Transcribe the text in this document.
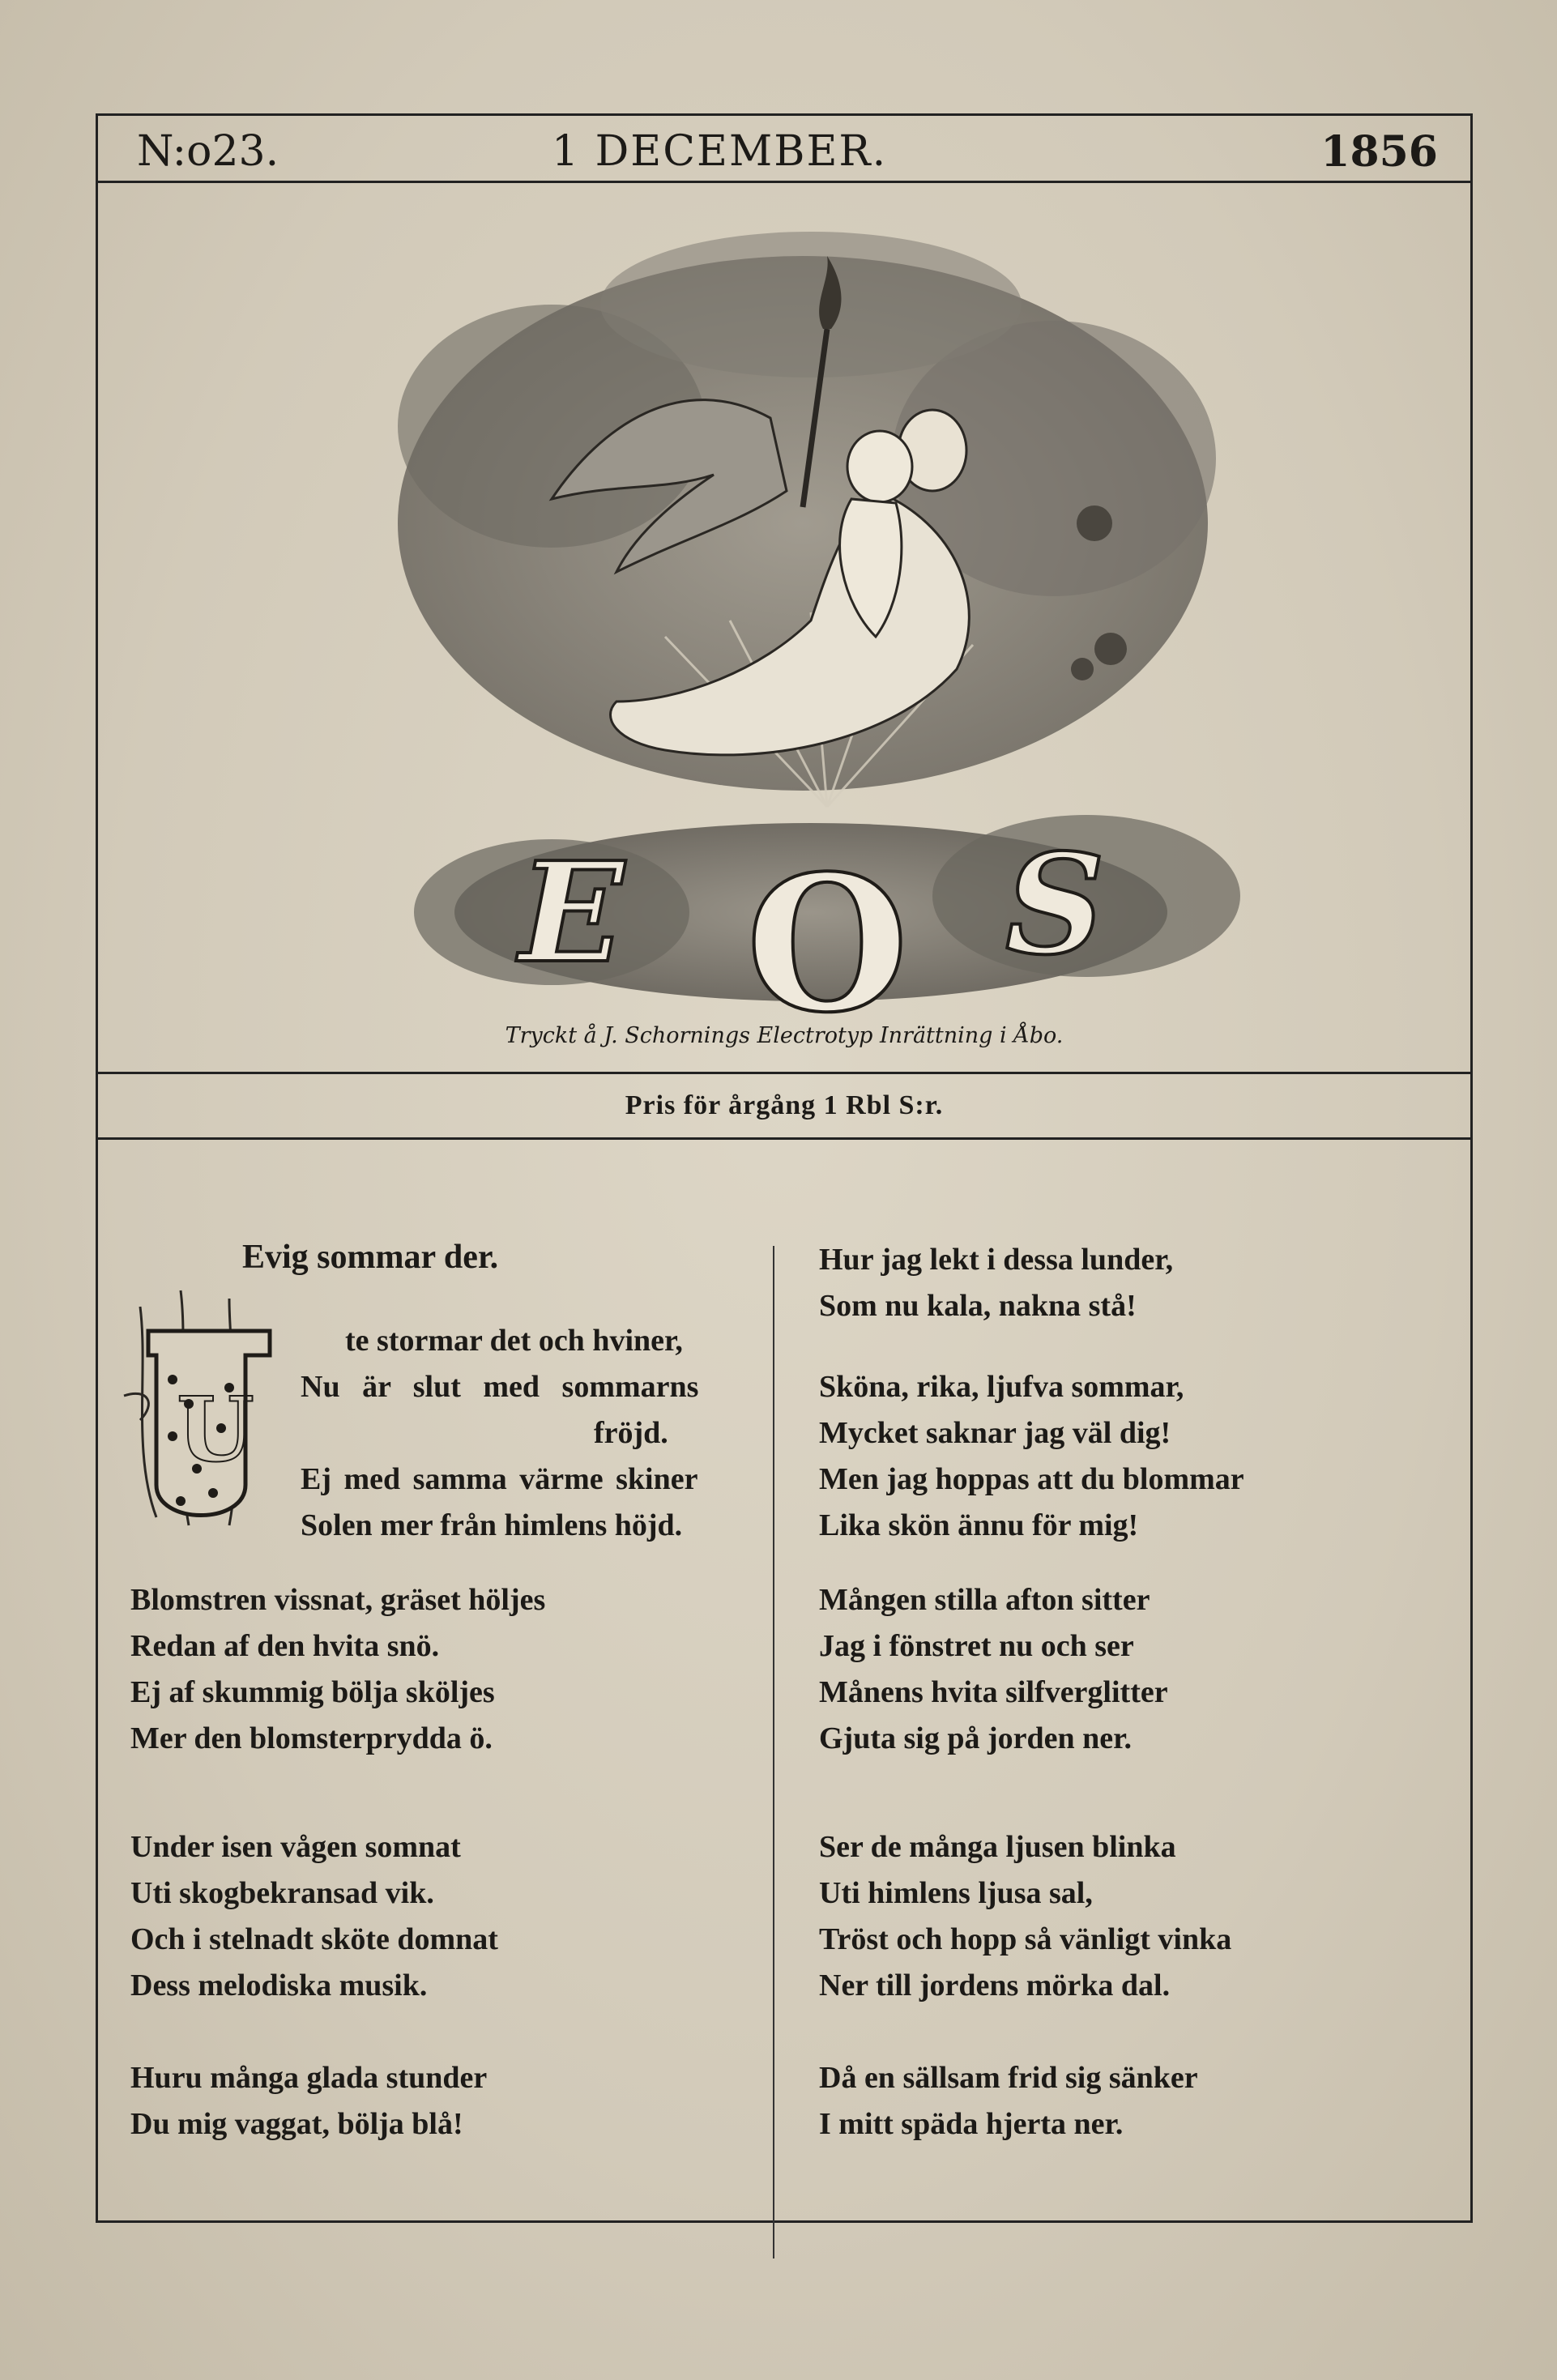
N:o23.	1 DECEMBER.	1856
E O S
Tryckt å J. Schornings Electrotyp Inrättning i Åbo.
Pris för årgång 1 Rbl S:r.
Evig sommar der.
U
te stormar det och hviner,
Nu är slut med sommarns
fröjd.
Ej med samma värme skiner
Solen mer från himlens höjd.
Blomstren vissnat, gräset höljes
Redan af den hvita snö.
Ej af skummig bölja sköljes
Mer den blomsterprydda ö.
Under isen vågen somnat
Uti skogbekransad vik.
Och i stelnadt sköte domnat
Dess melodiska musik.
Huru många glada stunder
Du mig vaggat, bölja blå!
Hur jag lekt i dessa lunder,
Som nu kala, nakna stå!
Sköna, rika, ljufva sommar,
Mycket saknar jag väl dig!
Men jag hoppas att du blommar
Lika skön ännu för mig!
Mången stilla afton sitter
Jag i fönstret nu och ser
Månens hvita silfverglitter
Gjuta sig på jorden ner.
Ser de många ljusen blinka
Uti himlens ljusa sal,
Tröst och hopp så vänligt vinka
Ner till jordens mörka dal.
Då en sällsam frid sig sänker
I mitt späda hjerta ner.
